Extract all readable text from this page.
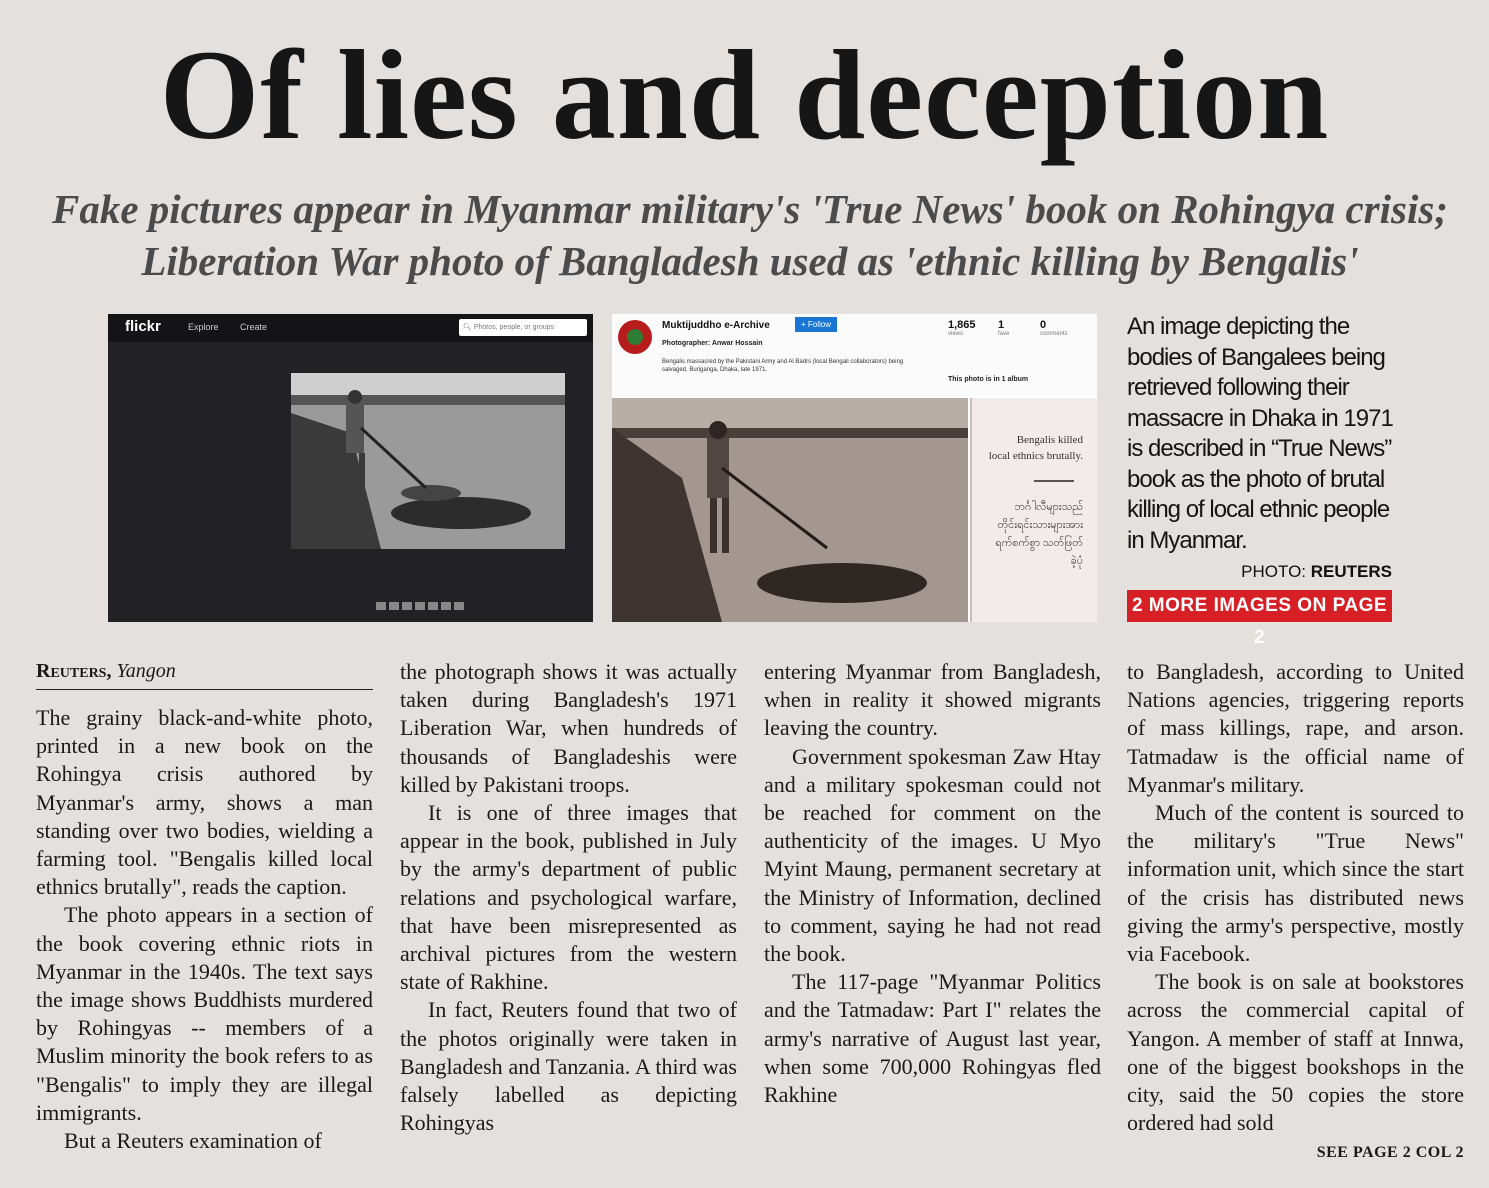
Of lies and deception

Fake pictures appear in Myanmar military's 'True News' book on Rohingya crisis; Liberation War photo of Bangladesh used as 'ethnic killing by Bengalis'

flickr	Explore Create	🔍︎ Photos, people, or groups	Muktijuddho e-Archive	+ Follow
Photographer: Anwar Hossain
Bengalis massacred by the Pakistani Army and Al Badrs (local Bengali collaborators) being salvaged, Buriganga, Dhaka, late 1971.
1,865
views
1
fave
0
comments
This photo is in 1 album
Bengalis killed
local ethnics brutally.
ဘင်္ဂါလီများသည်
တိုင်းရင်းသားများအား
ရက်စက်စွာ သတ်ဖြတ်
ခဲ့ပုံ

An image depicting the bodies of Bangalees being retrieved following their massacre in Dhaka in 1971 is described in “True News” book as the photo of brutal killing of local ethnic people in Myanmar.

PHOTO: REUTERS
2 MORE IMAGES ON PAGE 2
Reuters, Yangon

The grainy black-and-white photo, printed in a new book on the Rohingya crisis authored by Myanmar's army, shows a man standing over two bodies, wielding a farming tool. "Bengalis killed local ethnics brutally", reads the caption.

The photo appears in a section of the book covering ethnic riots in Myanmar in the 1940s. The text says the image shows Buddhists murdered by Rohingyas -- members of a Muslim minority the book refers to as "Bengalis" to imply they are illegal immigrants.

But a Reuters examination of

the photograph shows it was actually taken during Bangladesh's 1971 Liberation War, when hundreds of thousands of Bangladeshis were killed by Pakistani troops.

It is one of three images that appear in the book, published in July by the army's department of public relations and psychological warfare, that have been misrepresented as archival pictures from the western state of Rakhine.

In fact, Reuters found that two of the photos originally were taken in Bangladesh and Tanzania. A third was falsely labelled as depicting Rohingyas

entering Myanmar from Bangladesh, when in reality it showed migrants leaving the country.

Government spokesman Zaw Htay and a military spokesman could not be reached for comment on the authenticity of the images. U Myo Myint Maung, permanent secretary at the Ministry of Information, declined to comment, saying he had not read the book.

The 117-page "Myanmar Politics and the Tatmadaw: Part I" relates the army's narrative of August last year, when some 700,000 Rohingyas fled Rakhine

to Bangladesh, according to United Nations agencies, triggering reports of mass killings, rape, and arson. Tatmadaw is the official name of Myanmar's military.

Much of the content is sourced to the military's "True News" information unit, which since the start of the crisis has distributed news giving the army's perspective, mostly via Facebook.

The book is on sale at bookstores across the commercial capital of Yangon. A member of staff at Innwa, one of the biggest bookshops in the city, said the 50 copies the store ordered had sold

SEE PAGE 2 COL 2
